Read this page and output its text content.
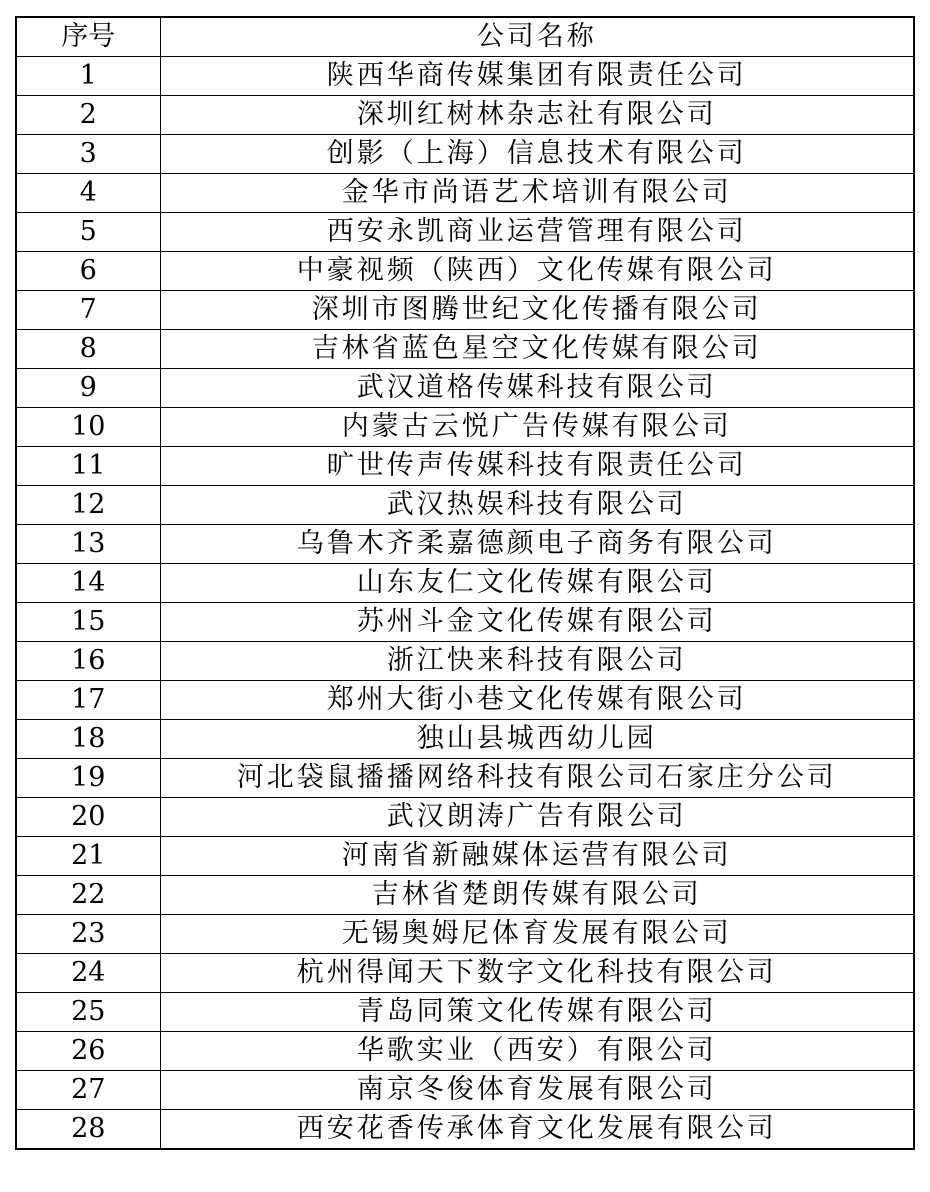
序号	公司名称
1	陕西华商传媒集团有限责任公司
2	深圳红树林杂志社有限公司
3	创影（上海）信息技术有限公司
4	金华市尚语艺术培训有限公司
5	西安永凯商业运营管理有限公司
6	中豪视频（陕西）文化传媒有限公司
7	深圳市图腾世纪文化传播有限公司
8	吉林省蓝色星空文化传媒有限公司
9	武汉道格传媒科技有限公司
10	内蒙古云悦广告传媒有限公司
11	旷世传声传媒科技有限责任公司
12	武汉热娱科技有限公司
13	乌鲁木齐柔嘉德颜电子商务有限公司
14	山东友仁文化传媒有限公司
15	苏州斗金文化传媒有限公司
16	浙江快来科技有限公司
17	郑州大街小巷文化传媒有限公司
18	独山县城西幼儿园
19	河北袋鼠播播网络科技有限公司石家庄分公司
20	武汉朗涛广告有限公司
21	河南省新融媒体运营有限公司
22	吉林省楚朗传媒有限公司
23	无锡奥姆尼体育发展有限公司
24	杭州得闻天下数字文化科技有限公司
25	青岛同策文化传媒有限公司
26	华歌实业（西安）有限公司
27	南京冬俊体育发展有限公司
28	西安花香传承体育文化发展有限公司
